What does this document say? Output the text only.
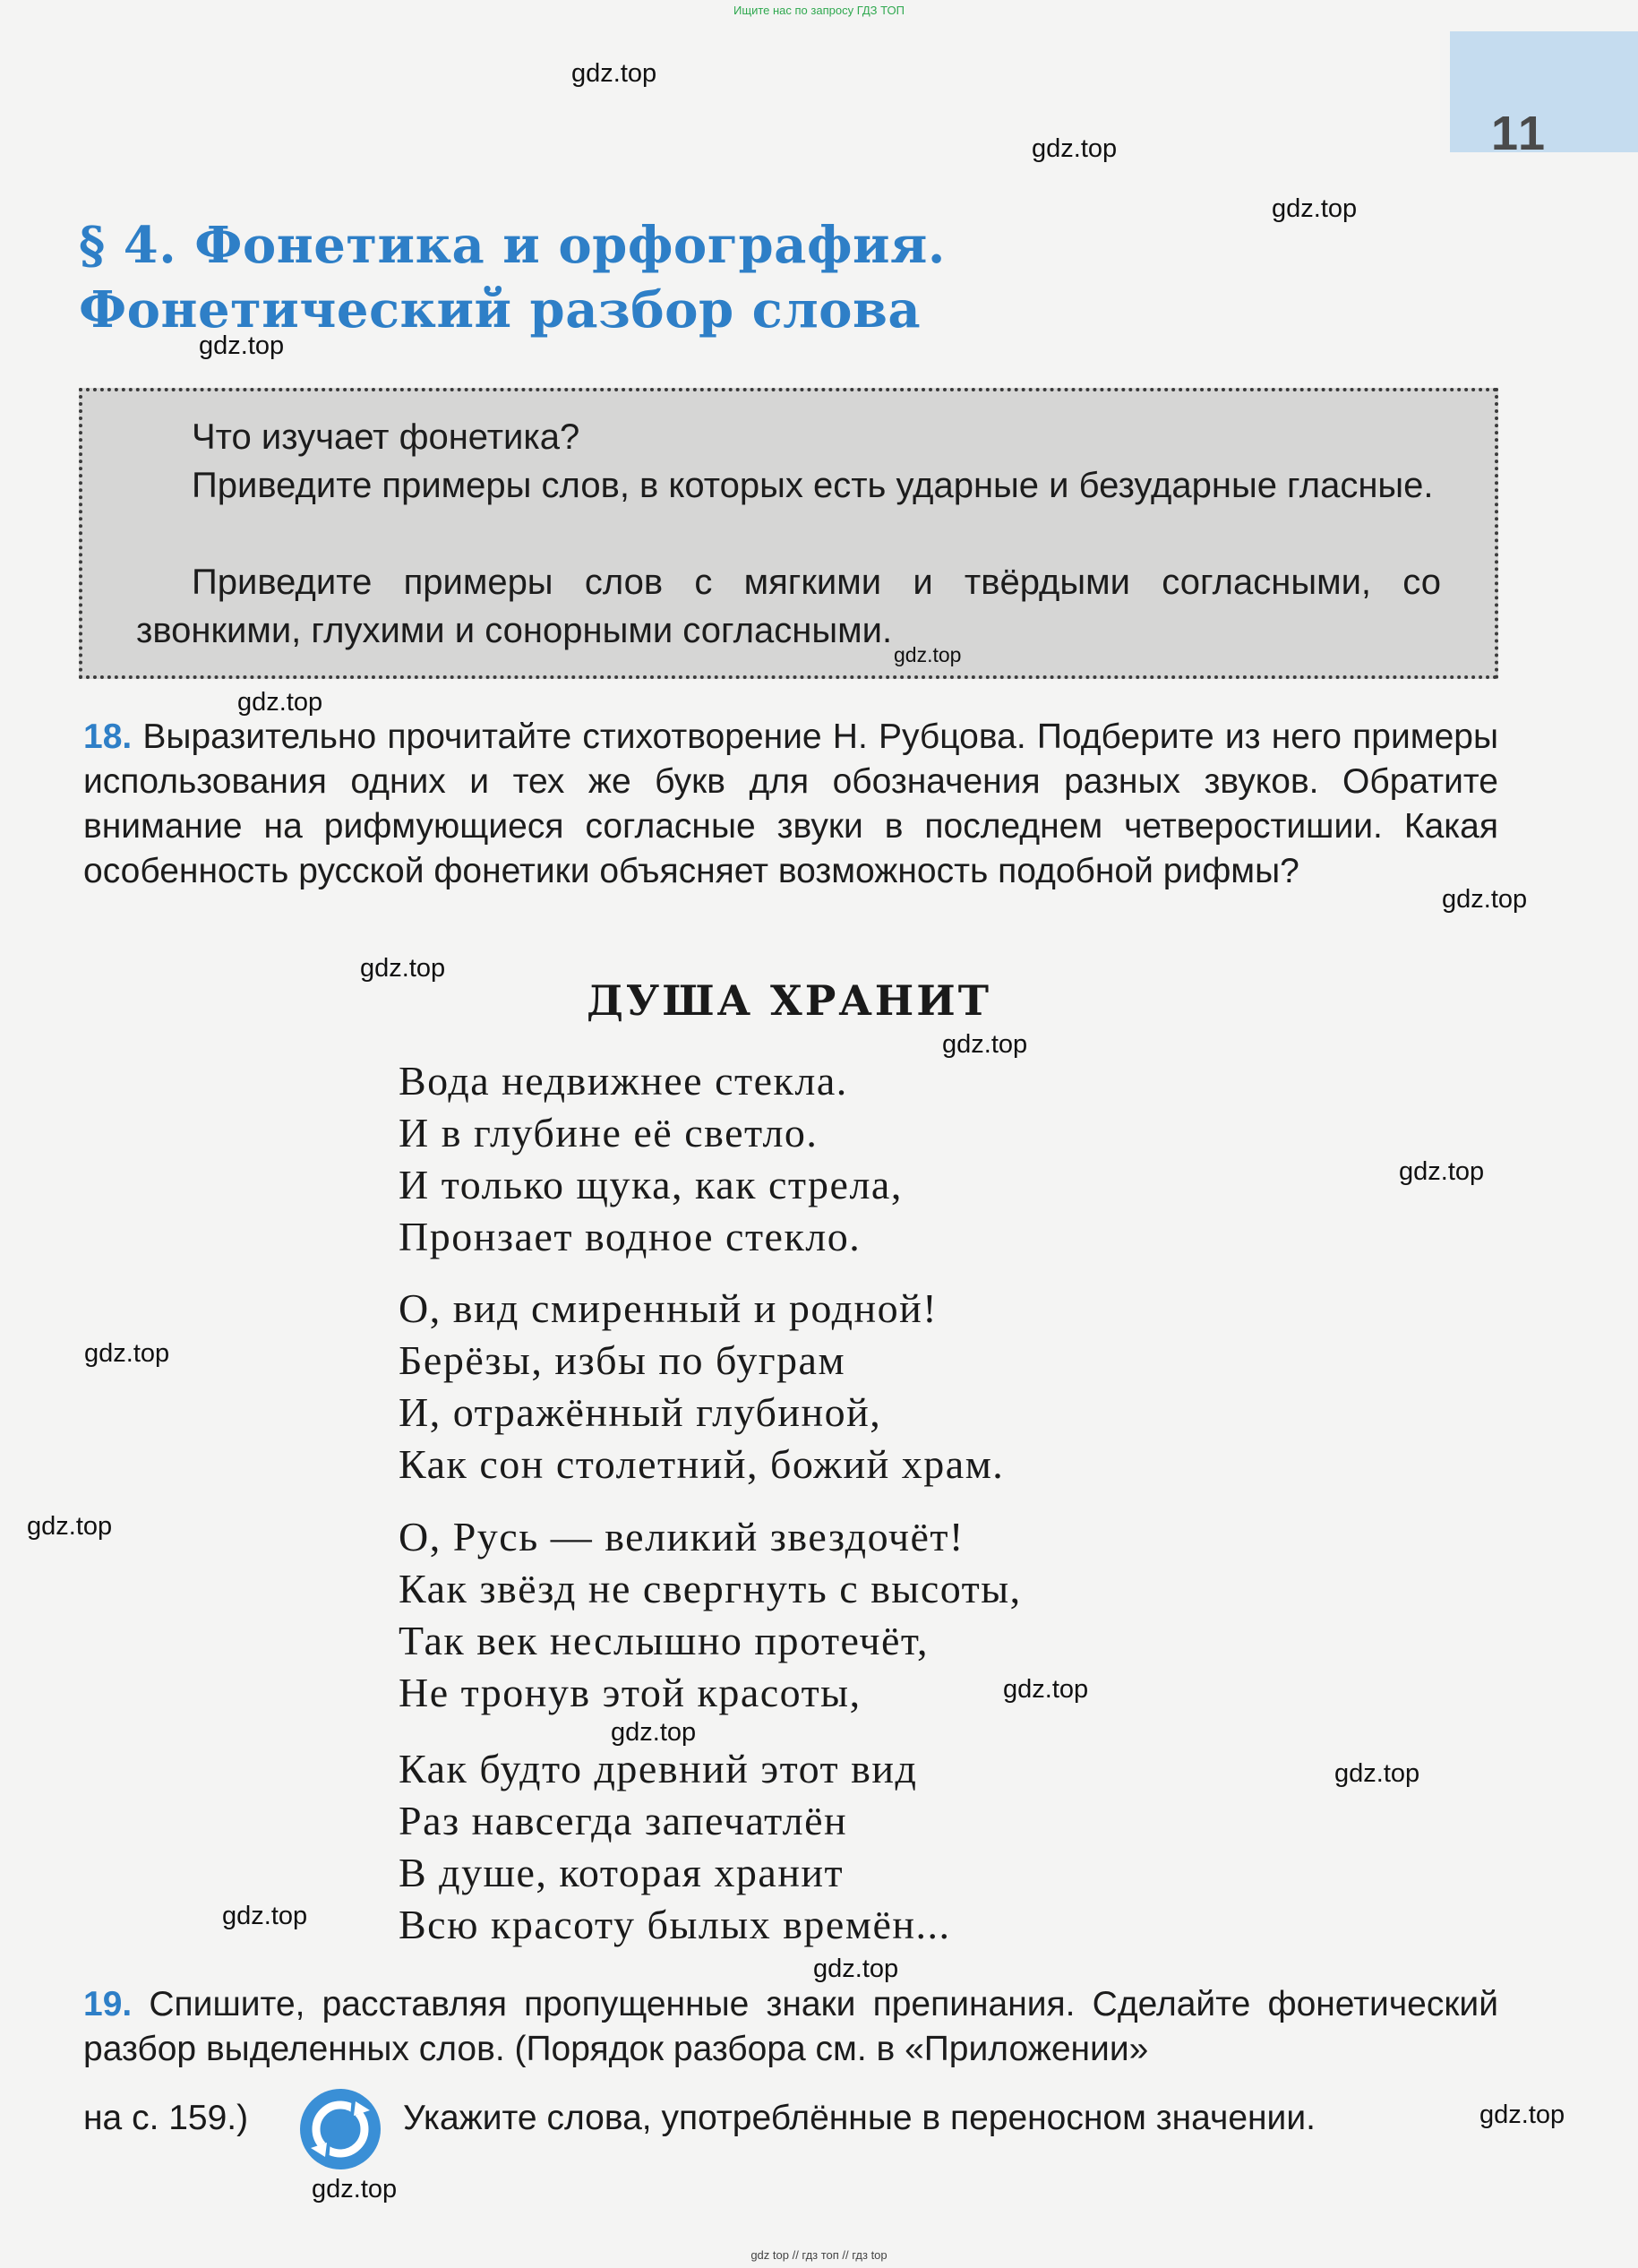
Ищите нас по запросу ГДЗ ТОП
11
§ 4. Фонетика и орфография.
Фонетический разбор слова

Что изучает фонетика?

Приведите примеры слов, в которых есть ударные и безударные гласные.

Приведите примеры слов с мягкими и твёрдыми согласными, со звонкими, глухими и сонорными согласными.

18. Выразительно прочитайте стихотворение Н. Рубцова. Подберите из него примеры использования одних и тех же букв для обозначения разных звуков. Обратите внимание на рифмующиеся согласные звуки в последнем четверостишии. Какая особенность русской фонетики объясняет возможность подобной рифмы?

ДУША ХРАНИТ
Вода недвижнее стекла.
И в глубине её светло.
И только щука, как стрела,
Пронзает водное стекло.
О, вид смиренный и родной!
Берёзы, избы по буграм
И, отражённый глубиной,
Как сон столетний, божий храм.
О, Русь — великий звездочёт!
Как звёзд не свергнуть с высоты,
Так век неслышно протечёт,
Не тронув этой красоты,
Как будто древний этот вид
Раз навсегда запечатлён
В душе, которая хранит
Всю красоту былых времён...

19. Спишите, расставляя пропущенные знаки препинания. Сделайте фонетический разбор выделенных слов. (Порядок разбора см. в «Приложении»

на с. 159.)	Укажите слова, употреблённые в переносном значении.

gdz.top
gdz.top
gdz.top
gdz.top
gdz.top
gdz.top
gdz.top
gdz.top
gdz.top
gdz.top
gdz.top
gdz.top
gdz.top
gdz.top
gdz.top
gdz.top
gdz.top
gdz.top
gdz.top
gdz top // гдз топ // гдз top
